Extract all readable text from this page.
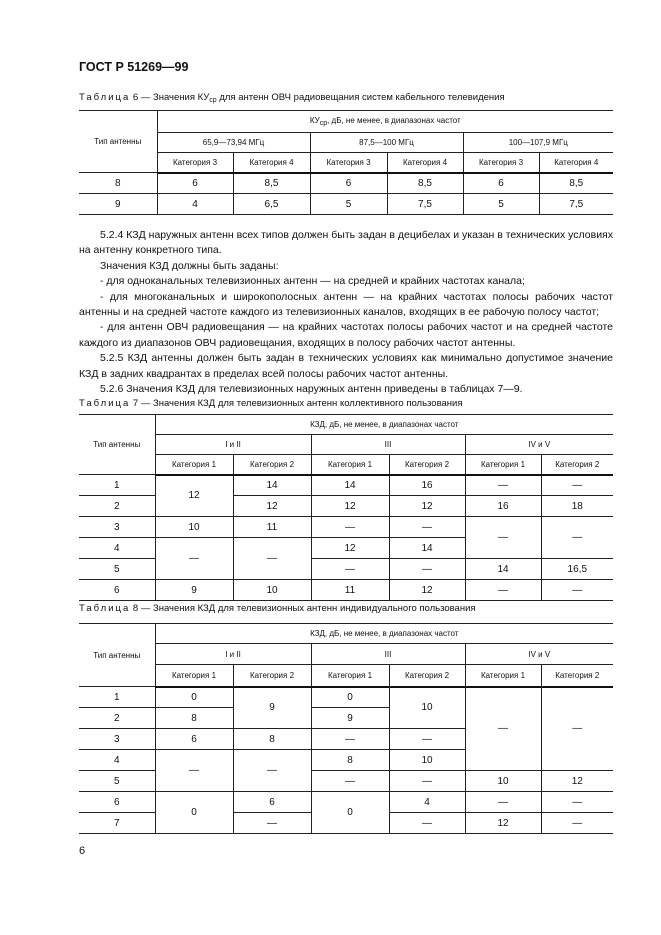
ГОСТ Р 51269—99
Таблица 6 — Значения $КУ_{ср}$ для антенн ОВЧ радиовещания систем кабельного телевидения
Тип антенны	КУср, дБ, не менее, в диапазонах частот					
	65,9—73,94 МГц		87,5—100 МГц		100—107,9 МГц	
	Категория 3	Категория 4	Категория 3	Категория 4	Категория 3	Категория 4
8	6	8,5	6	8,5	6	8,5
9	4	6,5	5	7,5	5	7,5

5.2.4 КЗД наружных антенн всех типов должен быть задан в децибелах и указан в технических условиях на антенну конкретного типа.

Значения КЗД должны быть заданы:

- для одноканальных телевизионных антенн — на средней и крайних частотах канала;

- для многоканальных и широкополосных антенн — на крайних частотах полосы рабочих частот антенны и на средней частоте каждого из телевизионных каналов, входящих в ее рабочую полосу частот;

- для антенн ОВЧ радиовещания — на крайних частотах полосы рабочих частот и на средней частоте каждого из диапазонов ОВЧ радиовещания, входящих в полосу рабочих частот антенны.

5.2.5 КЗД антенны должен быть задан в технических условиях как минимально допустимое значение КЗД в задних квадрантах в пределах всей полосы рабочих частот антенны.

5.2.6 Значения КЗД для телевизионных наружных антенн приведены в таблицах 7—9.

Таблица 7 — Значения КЗД для телевизионных антенн коллективного пользования
Тип антенны	КЗД, дБ, не менее, в диапазонах частот					
	I и II		III		IV и V	
	Категория 1	Категория 2	Категория 1	Категория 2	Категория 1	Категория 2
1	12	14	14	16	—	—
2		12	12	12	16	18
3	10	11	—	—	—	—
4	—	—	12	14		
5			—	—	14	16,5
6	9	10	11	12	—	—
Таблица 8 — Значения КЗД для телевизионных антенн индивидуального пользования
Тип антенны	КЗД, дБ, не менее, в диапазонах частот					
	I и II		III		IV и V	
	Категория 1	Категория 2	Категория 1	Категория 2	Категория 1	Категория 2
1	0	9	0	10	—	—
2	8		9			
3	6	8	—	—		
4	—	—	8	10		
5			—	—	10	12
6	0	6	0	4	—	—
7		—		—	12	—
6
